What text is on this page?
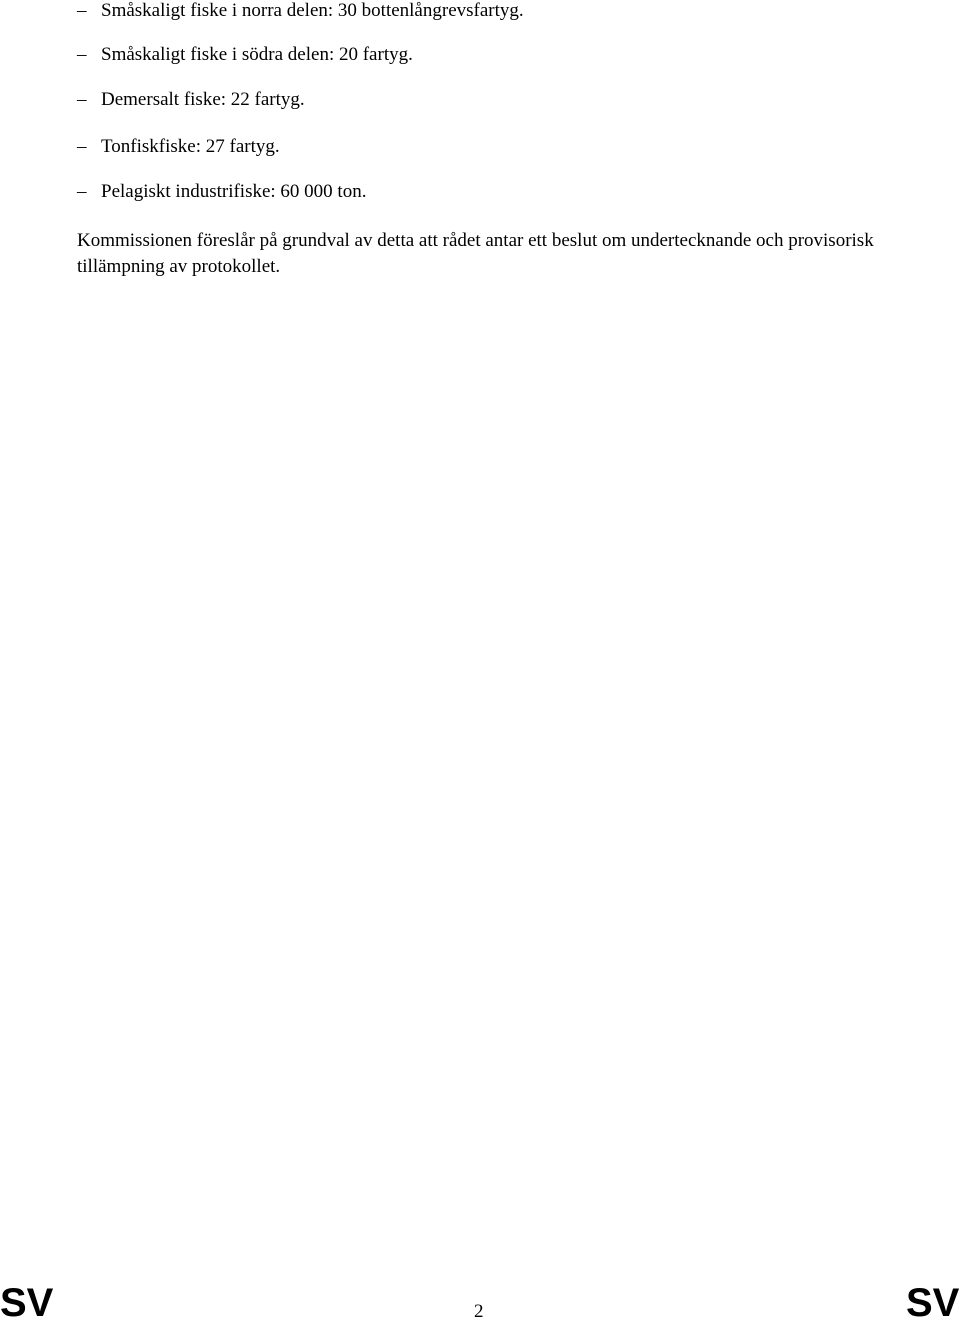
– Småskaligt fiske i norra delen: 30 bottenlångrevsfartyg.
– Småskaligt fiske i södra delen: 20 fartyg.
– Demersalt fiske: 22 fartyg.
– Tonfiskfiske: 27 fartyg.
– Pelagiskt industrifiske: 60 000 ton.

Kommissionen föreslår på grundval av detta att rådet antar ett beslut om undertecknande och provisorisk tillämpning av protokollet.

SV	2	SV
